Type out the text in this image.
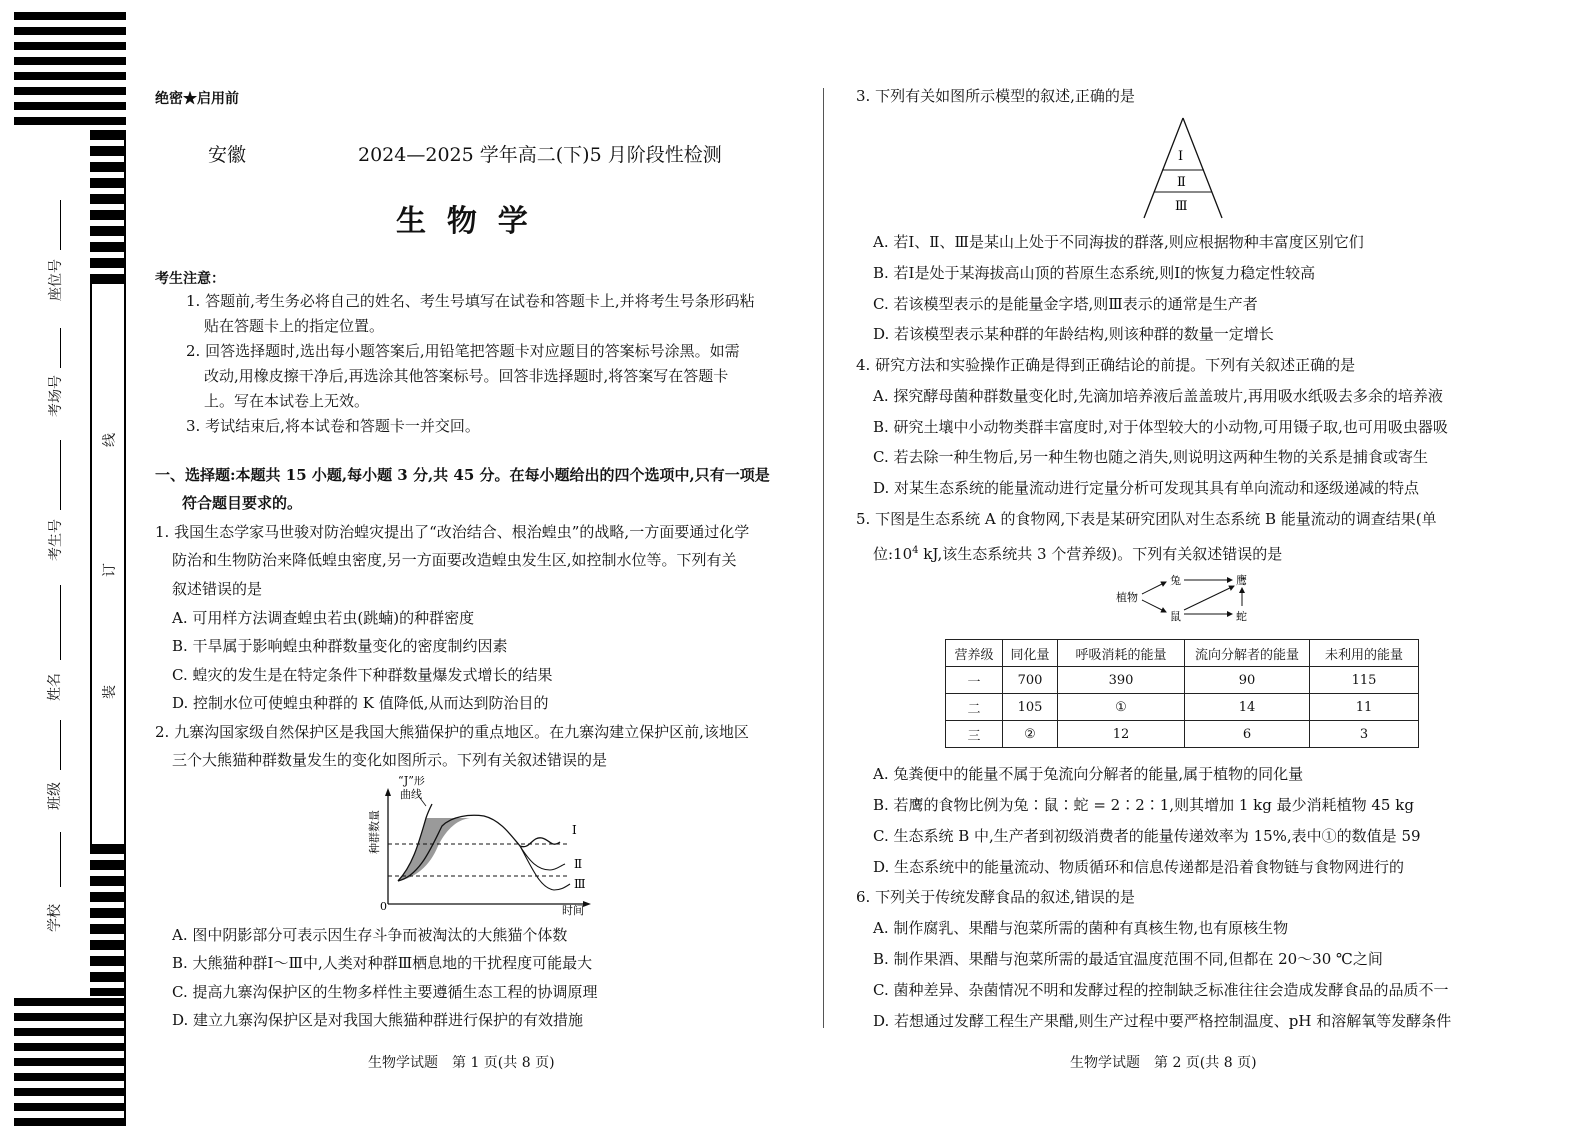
座位号
考场号
考生号
姓名
班级
学校
线
订
装
绝密★启用前
安徽	2024—2025 学年高二(下)5 月阶段性检测
生  物  学
考生注意：
1. 答题前,考生务必将自己的姓名、考生号填写在试卷和答题卡上,并将考生号条形码粘
贴在答题卡上的指定位置。
2. 回答选择题时,选出每小题答案后,用铅笔把答题卡对应题目的答案标号涂黑。如需
改动,用橡皮擦干净后,再选涂其他答案标号。回答非选择题时,将答案写在答题卡
上。写在本试卷上无效。
3. 考试结束后,将本试卷和答题卡一并交回。
一、选择题:本题共 15 小题,每小题 3 分,共 45 分。在每小题给出的四个选项中,只有一项是
符合题目要求的。
1. 我国生态学家马世骏对防治蝗灾提出了“改治结合、根治蝗虫”的战略,一方面要通过化学
防治和生物防治来降低蝗虫密度,另一方面要改造蝗虫发生区,如控制水位等。下列有关
叙述错误的是
A. 可用样方法调查蝗虫若虫(跳蝻)的种群密度
B. 干旱属于影响蝗虫种群数量变化的密度制约因素
C. 蝗灾的发生是在特定条件下种群数量爆发式增长的结果
D. 控制水位可使蝗虫种群的 K 值降低,从而达到防治目的
2. 九寨沟国家级自然保护区是我国大熊猫保护的重点地区。在九寨沟建立保护区前,该地区
三个大熊猫种群数量发生的变化如图所示。下列有关叙述错误的是
“J”形
曲线
种群数量
时间
0
Ⅰ
Ⅱ
Ⅲ
A. 图中阴影部分可表示因生存斗争而被淘汰的大熊猫个体数
B. 大熊猫种群Ⅰ～Ⅲ中,人类对种群Ⅲ栖息地的干扰程度可能最大
C. 提高九寨沟保护区的生物多样性主要遵循生态工程的协调原理
D. 建立九寨沟保护区是对我国大熊猫种群进行保护的有效措施
生物学试题　第 1 页(共 8 页)
3. 下列有关如图所示模型的叙述,正确的是
Ⅰ
Ⅱ
Ⅲ
A. 若Ⅰ、Ⅱ、Ⅲ是某山上处于不同海拔的群落,则应根据物种丰富度区别它们
B. 若Ⅰ是处于某海拔高山顶的苔原生态系统,则Ⅰ的恢复力稳定性较高
C. 若该模型表示的是能量金字塔,则Ⅲ表示的通常是生产者
D. 若该模型表示某种群的年龄结构,则该种群的数量一定增长
4. 研究方法和实验操作正确是得到正确结论的前提。下列有关叙述正确的是
A. 探究酵母菌种群数量变化时,先滴加培养液后盖盖玻片,再用吸水纸吸去多余的培养液
B. 研究土壤中小动物类群丰富度时,对于体型较大的小动物,可用镊子取,也可用吸虫器吸
C. 若去除一种生物后,另一种生物也随之消失,则说明这两种生物的关系是捕食或寄生
D. 对某生态系统的能量流动进行定量分析可发现其具有单向流动和逐级递减的特点
5. 下图是生态系统 A 的食物网,下表是某研究团队对生态系统 B 能量流动的调查结果(单
位$:10^4$ kJ,该生态系统共 3 个营养级)。下列有关叙述错误的是
植物
兔
鼠
鹰
蛇
营养级	同化量	呼吸消耗的能量	流向分解者的能量	未利用的能量
一	700	390	90	115
二	105	①	14	11
三	②	12	6	3
A. 兔粪便中的能量不属于兔流向分解者的能量,属于植物的同化量
B. 若鹰的食物比例为兔∶鼠∶蛇 = 2∶2∶1,则其增加 1 kg 最少消耗植物 45 kg
C. 生态系统 B 中,生产者到初级消费者的能量传递效率为 15%,表中①的数值是 59
D. 生态系统中的能量流动、物质循环和信息传递都是沿着食物链与食物网进行的
6. 下列关于传统发酵食品的叙述,错误的是
A. 制作腐乳、果醋与泡菜所需的菌种有真核生物,也有原核生物
B. 制作果酒、果醋与泡菜所需的最适宜温度范围不同,但都在 20～30 ℃之间
C. 菌种差异、杂菌情况不明和发酵过程的控制缺乏标准往往会造成发酵食品的品质不一
D. 若想通过发酵工程生产果醋,则生产过程中要严格控制温度、pH 和溶解氧等发酵条件
生物学试题　第 2 页(共 8 页)
